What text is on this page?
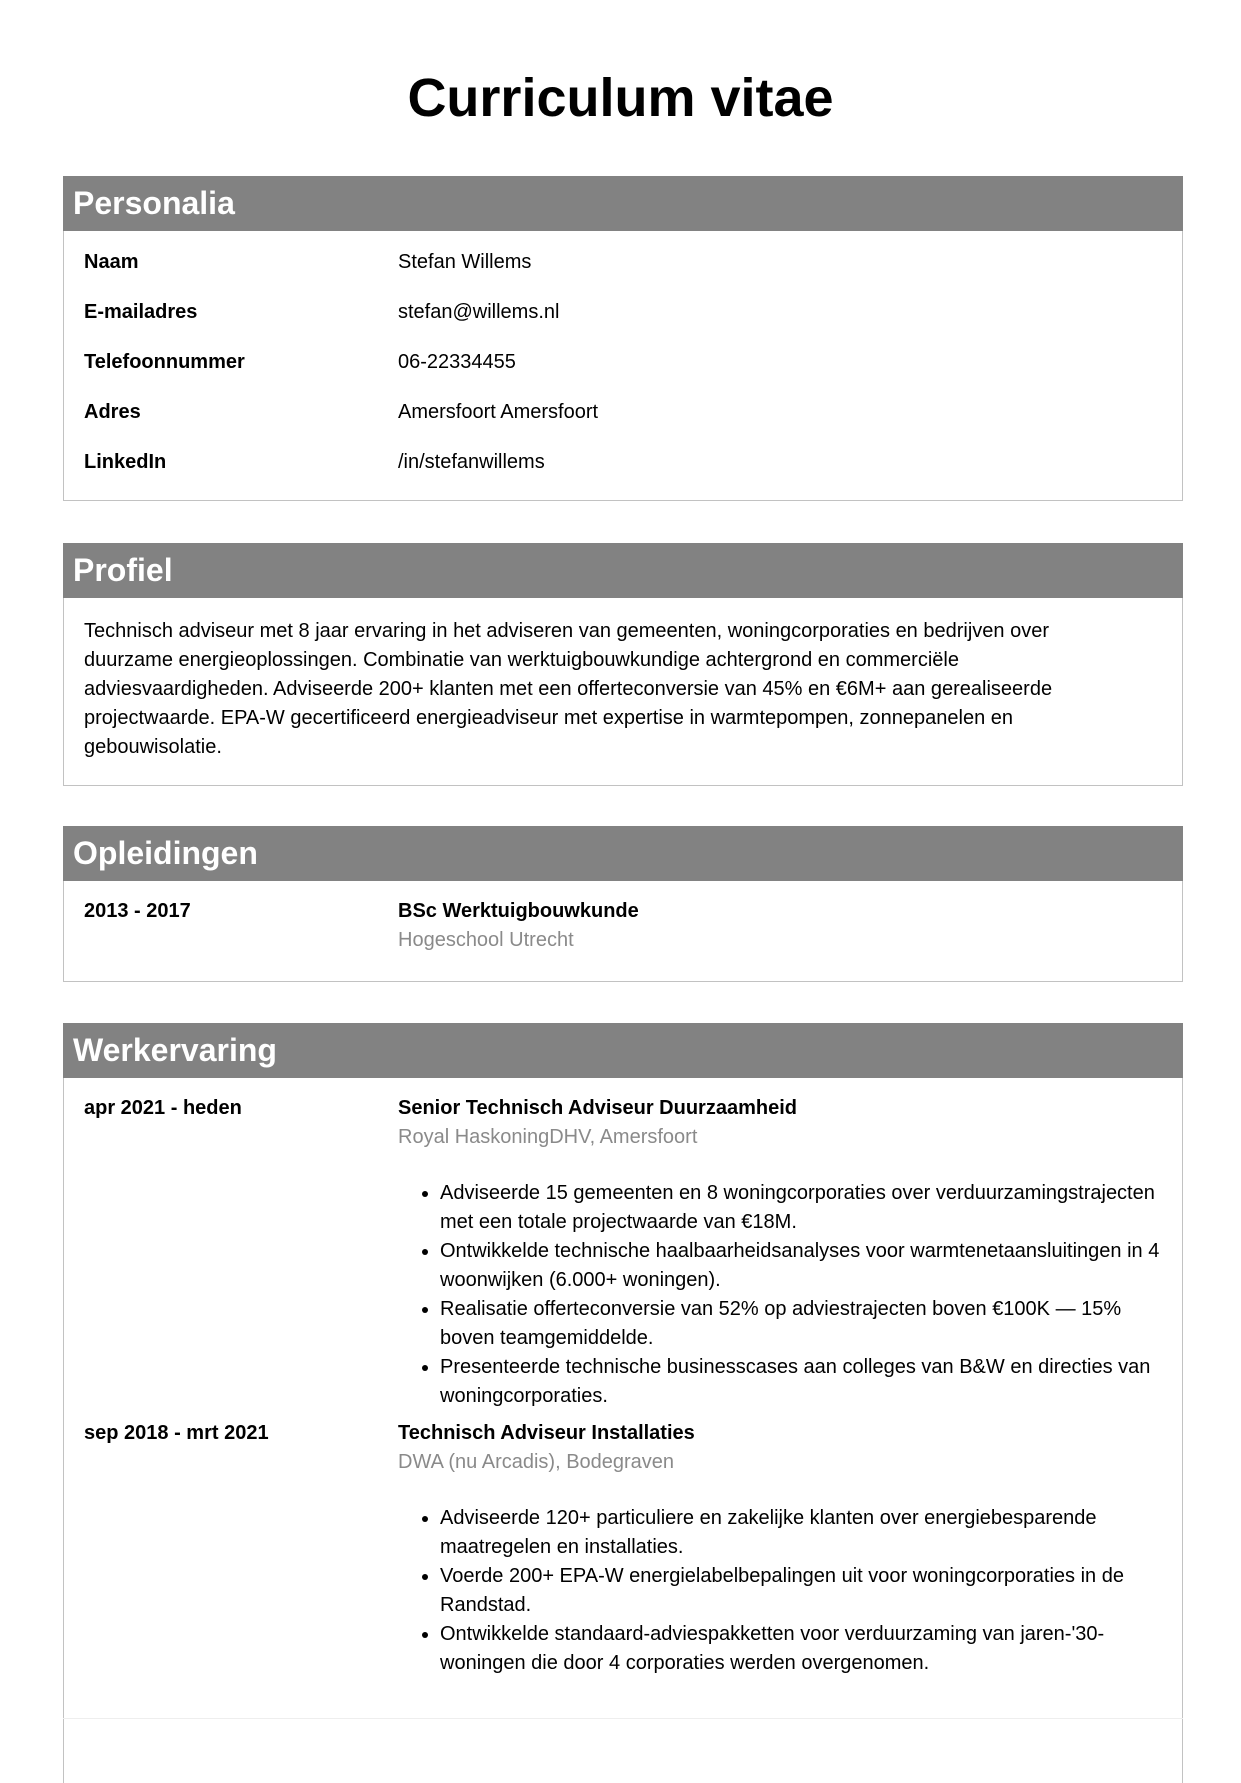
Curriculum vitae
Personalia
Naam	Stefan Willems
E-mailadres	stefan@willems.nl
Telefoonnummer	06-22334455
Adres	Amersfoort Amersfoort
LinkedIn	/in/stefanwillems
Profiel
Technisch adviseur met 8 jaar ervaring in het adviseren van gemeenten, woningcorporaties en bedrijven over duurzame energieoplossingen. Combinatie van werktuigbouwkundige achtergrond en commerciële adviesvaardigheden. Adviseerde 200+ klanten met een offerteconversie van 45% en €6M+ aan gerealiseerde projectwaarde. EPA-W gecertificeerd energieadviseur met expertise in warmtepompen, zonnepanelen en gebouwisolatie.
Opleidingen
2013 - 2017	BSc Werktuigbouwkunde
Hogeschool Utrecht
Werkervaring
apr 2021 - heden	Senior Technisch Adviseur Duurzaamheid
Royal HaskoningDHV, Amersfoort
• Adviseerde 15 gemeenten en 8 woningcorporaties over verduurzamingstrajecten met een totale projectwaarde van €18M.
• Ontwikkelde technische haalbaarheidsanalyses voor warmtenetaansluitingen in 4 woonwijken (6.000+ woningen).
• Realisatie offerteconversie van 52% op adviestrajecten boven €100K — 15% boven teamgemiddelde.
• Presenteerde technische businesscases aan colleges van B&W en directies van woningcorporaties.
sep 2018 - mrt 2021	Technisch Adviseur Installaties
DWA (nu Arcadis), Bodegraven
• Adviseerde 120+ particuliere en zakelijke klanten over energiebesparende maatregelen en installaties.
• Voerde 200+ EPA-W energielabelbepalingen uit voor woningcorporaties in de Randstad.
• Ontwikkelde standaard-adviespakketten voor verduurzaming van jaren-'30-woningen die door 4 corporaties werden overgenomen.
